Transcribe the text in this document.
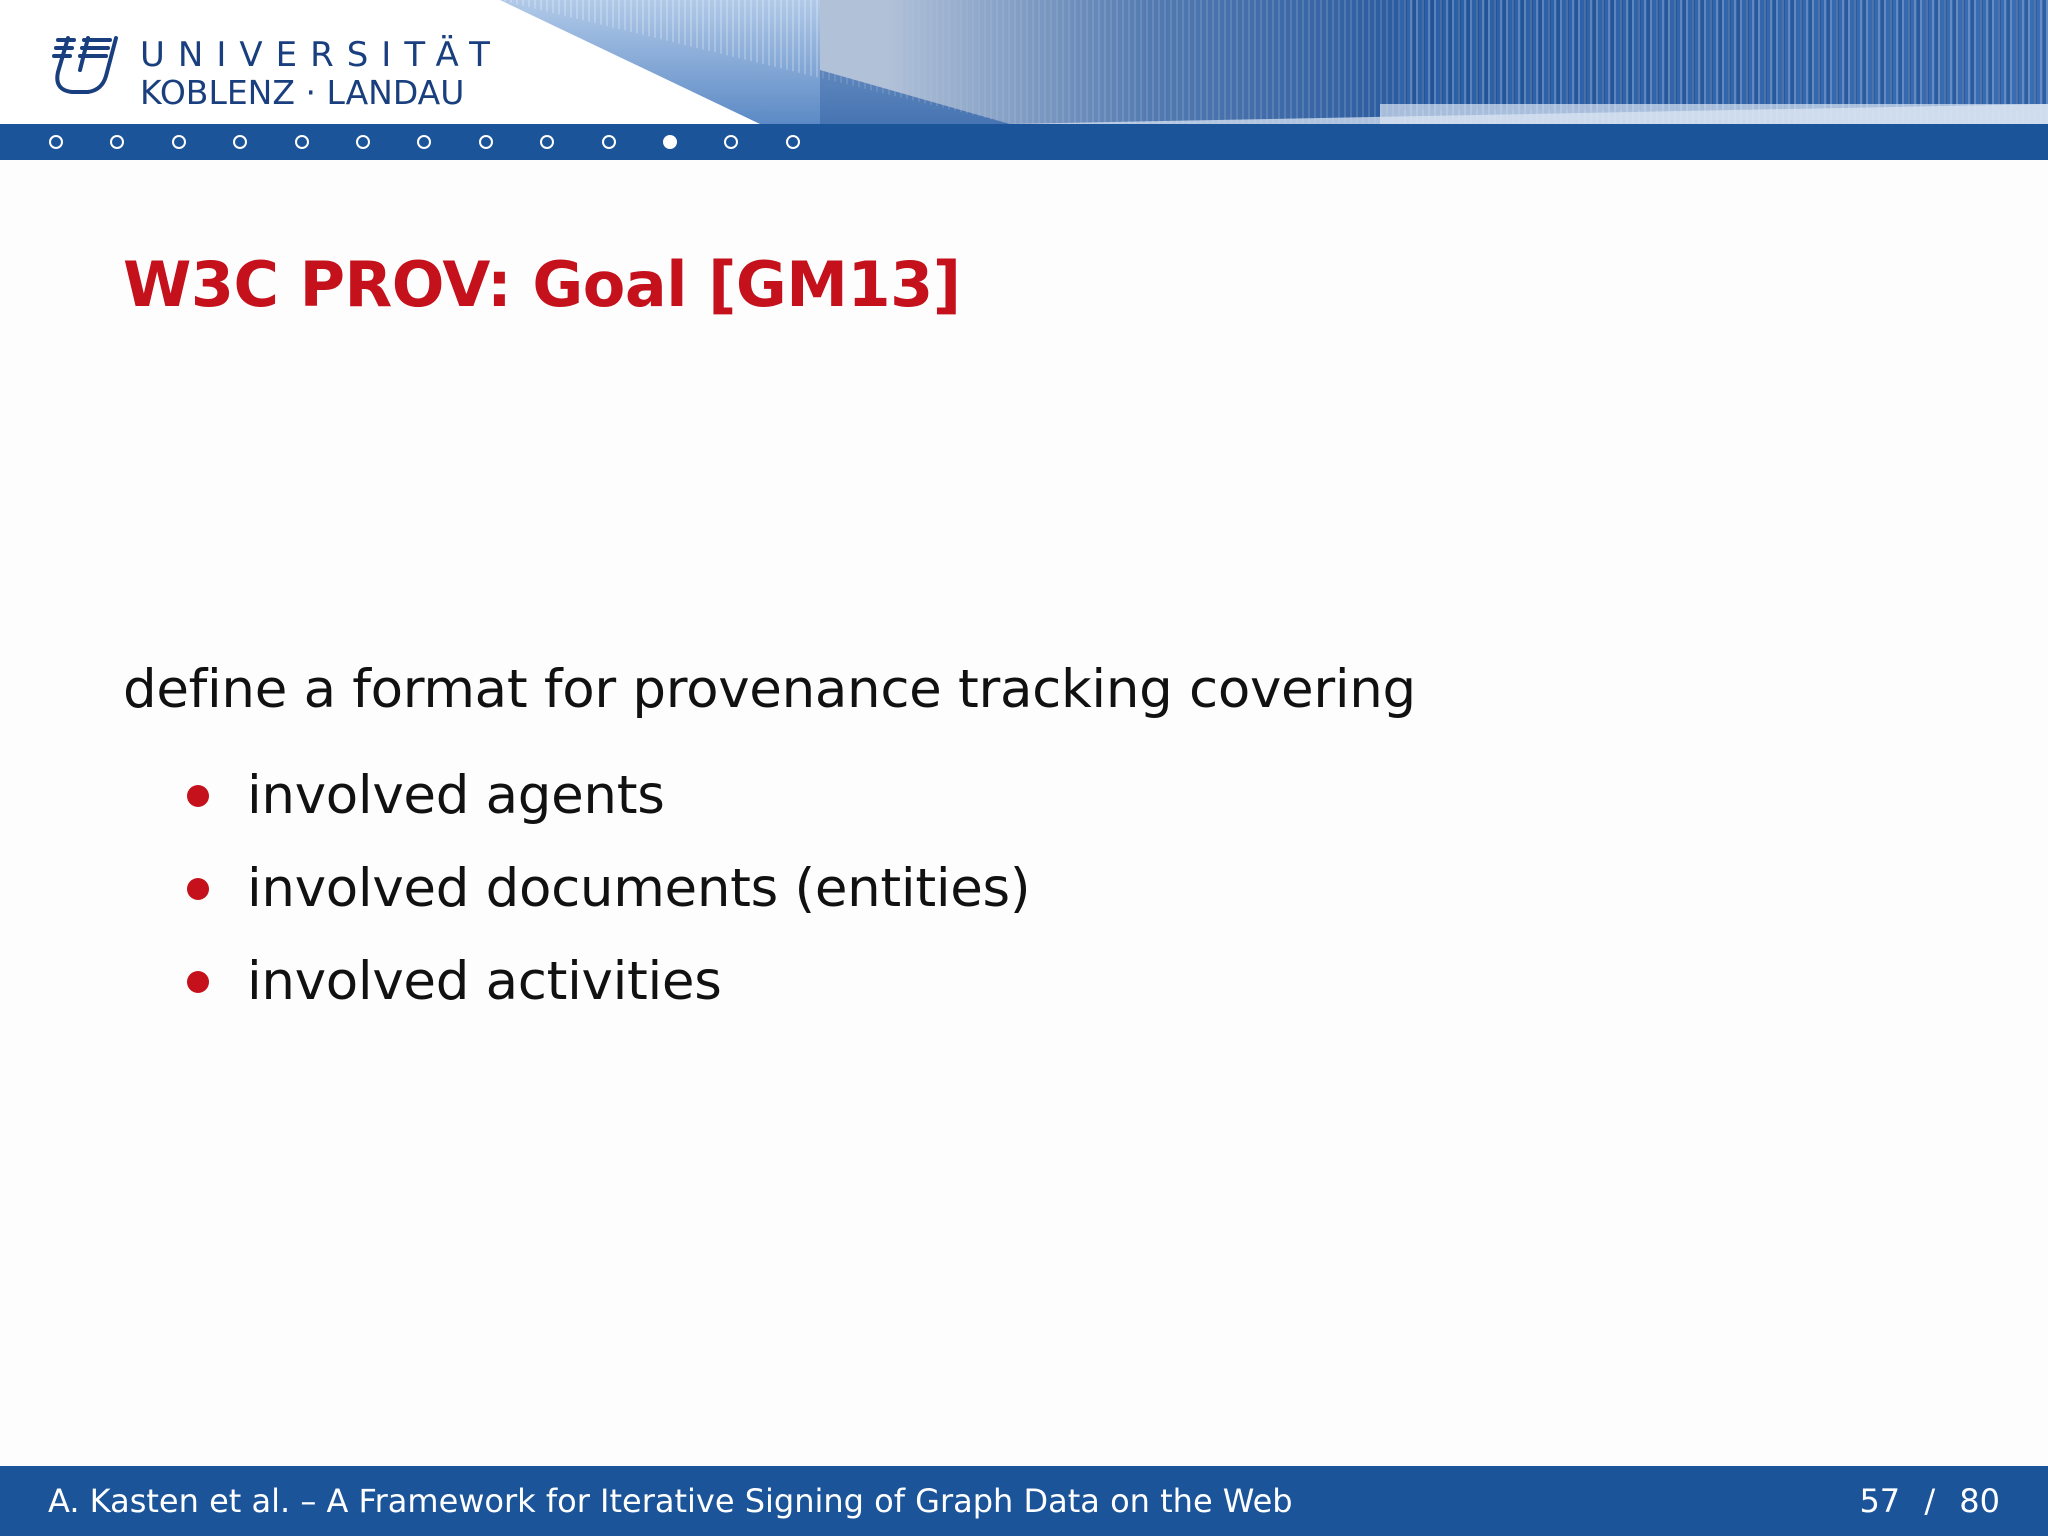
UNIVERSITÄT
KOBLENZ · LANDAU
W3C PROV: Goal [GM13]
define a format for provenance tracking covering
involved agents
involved documents (entities)
involved activities
A. Kasten et al. – A Framework for Iterative Signing of Graph Data on the Web	57 / 80
